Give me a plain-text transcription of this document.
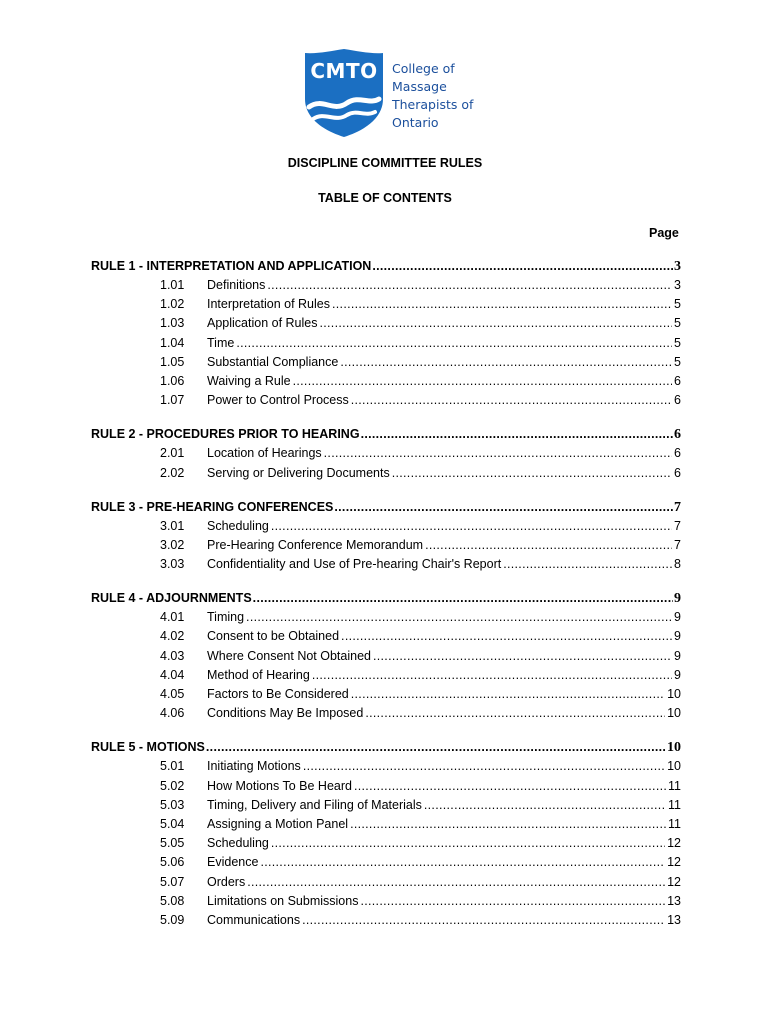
CMTO	College of
Massage
Therapists of
Ontario
DISCIPLINE COMMITTEE RULES
TABLE OF CONTENTS
Page
RULE 1 - INTERPRETATION AND APPLICATION .....	3
1.01	Definitions .....	3
1.02	Interpretation of Rules .....	5
1.03	Application of Rules .....	5
1.04	Time .....	5
1.05	Substantial Compliance .....	5
1.06	Waiving a Rule .....	6
1.07	Power to Control Process .....	6
RULE 2 - PROCEDURES PRIOR TO HEARING .....	6
2.01	Location of Hearings .....	6
2.02	Serving or Delivering Documents .....	6
RULE 3 - PRE-HEARING CONFERENCES .....	7
3.01	Scheduling .....	7
3.02	Pre-Hearing Conference Memorandum .....	7
3.03	Confidentiality and Use of Pre-hearing Chair's Report .....	8
RULE 4 - ADJOURNMENTS .....	9
4.01	Timing .....	9
4.02	Consent to be Obtained .....	9
4.03	Where Consent Not Obtained .....	9
4.04	Method of Hearing .....	9
4.05	Factors to Be Considered .....	10
4.06	Conditions May Be Imposed .....	10
RULE 5 - MOTIONS .....	10
5.01	Initiating Motions .....	10
5.02	How Motions To Be Heard .....	11
5.03	Timing, Delivery and Filing of Materials .....	11
5.04	Assigning a Motion Panel .....	11
5.05	Scheduling .....	12
5.06	Evidence .....	12
5.07	Orders .....	12
5.08	Limitations on Submissions .....	13
5.09	Communications .....	13
